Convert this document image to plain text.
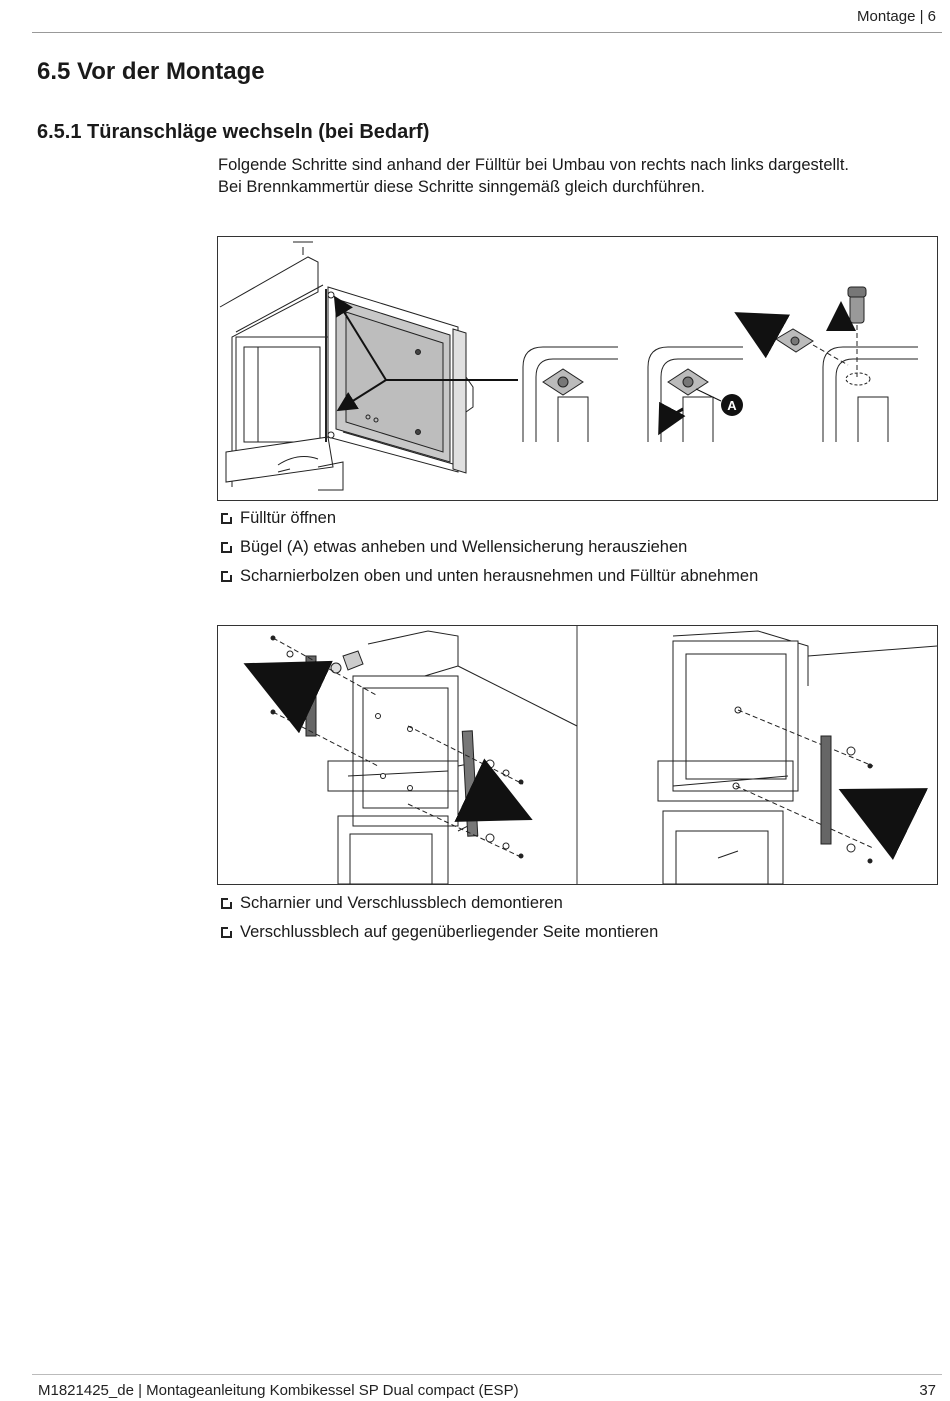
Montage | 6
6.5 Vor der Montage
6.5.1 Türanschläge wechseln (bei Bedarf)

Folgende Schritte sind anhand der Fülltür bei Umbau von rechts nach links dargestellt.

Bei Brennkammertür diese Schritte sinngemäß gleich durchführen.

A
Fülltür öffnen
Bügel (A) etwas anheben und Wellensicherung herausziehen
Scharnierbolzen oben und unten herausnehmen und Fülltür abnehmen
Scharnier und Verschlussblech demontieren
Verschlussblech auf gegenüberliegender Seite montieren
M1821425_de | Montageanleitung Kombikessel SP Dual compact (ESP)	37
